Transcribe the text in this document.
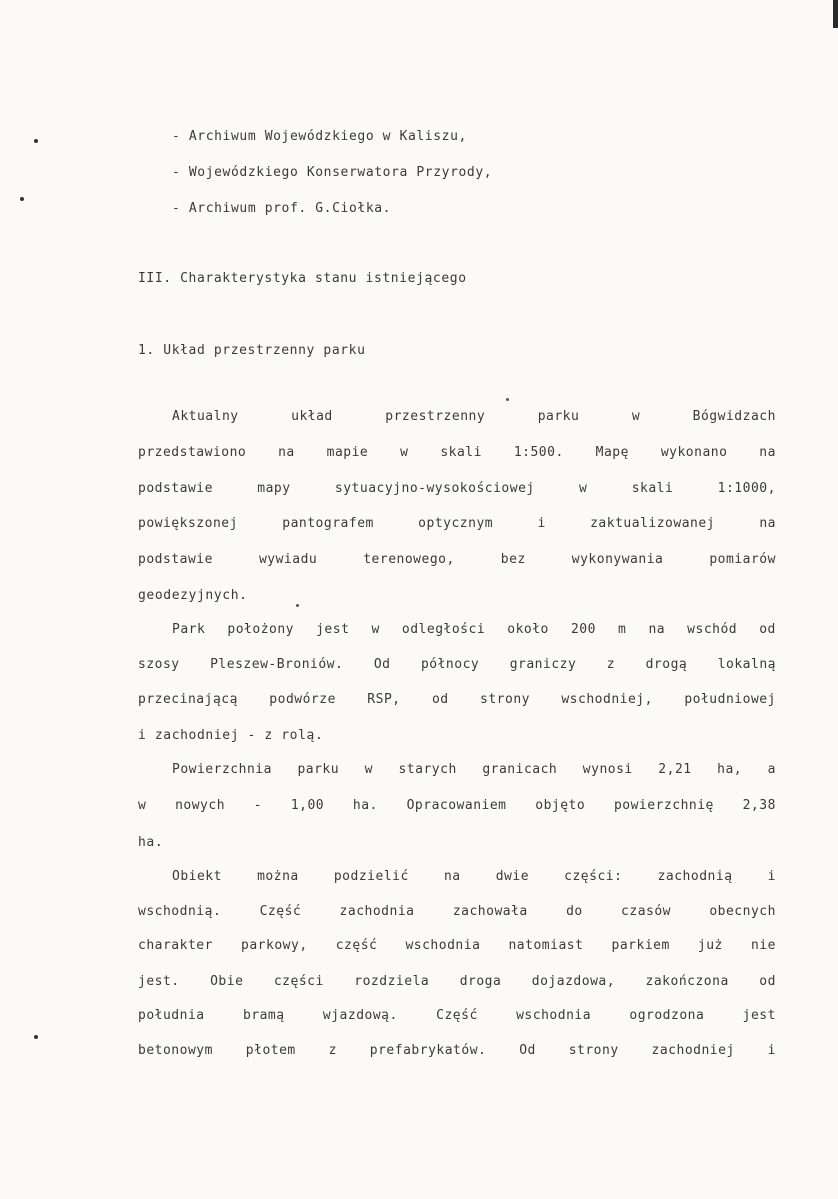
- Archiwum Wojewódzkiego w Kaliszu,
- Wojewódzkiego Konserwatora Przyrody,
- Archiwum prof. G.Ciołka.
III. Charakterystyka stanu istniejącego
1. Układ przestrzenny parku
Aktualny	układ	przestrzenny	parku	w	Bógwidzach
przedstawiono na mapie w skali 1:500. Mapę wykonano na
podstawie	mapy	sytuacyjno-wysokościowej	w	skali	1:1000,
powiększonej	pantografem	optycznym	i	zaktualizowanej	na
podstawie	wywiadu	terenowego,	bez	wykonywania	pomiarów
geodezyjnych.
Park położony jest w odległości około 200 m na wschód od
szosy Pleszew-Broniów. Od północy graniczy z drogą lokalną
przecinającą podwórze RSP, od strony wschodniej, południowej
i zachodniej - z rolą.
Powierzchnia parku w starych granicach wynosi 2,21 ha, a
w nowych - 1,00 ha. Opracowaniem objęto powierzchnię 2,38
ha.
Obiekt	można	podzielić	na	dwie	części:	zachodnią	i
wschodnią.	Część	zachodnia	zachowała	do	czasów	obecnych
charakter parkowy, część wschodnia natomiast parkiem już nie
jest. Obie części rozdziela droga dojazdowa, zakończona od
południa	bramą	wjazdową.	Część	wschodnia	ogrodzona	jest
betonowym	płotem	z	prefabrykatów.	Od	strony	zachodniej	i
